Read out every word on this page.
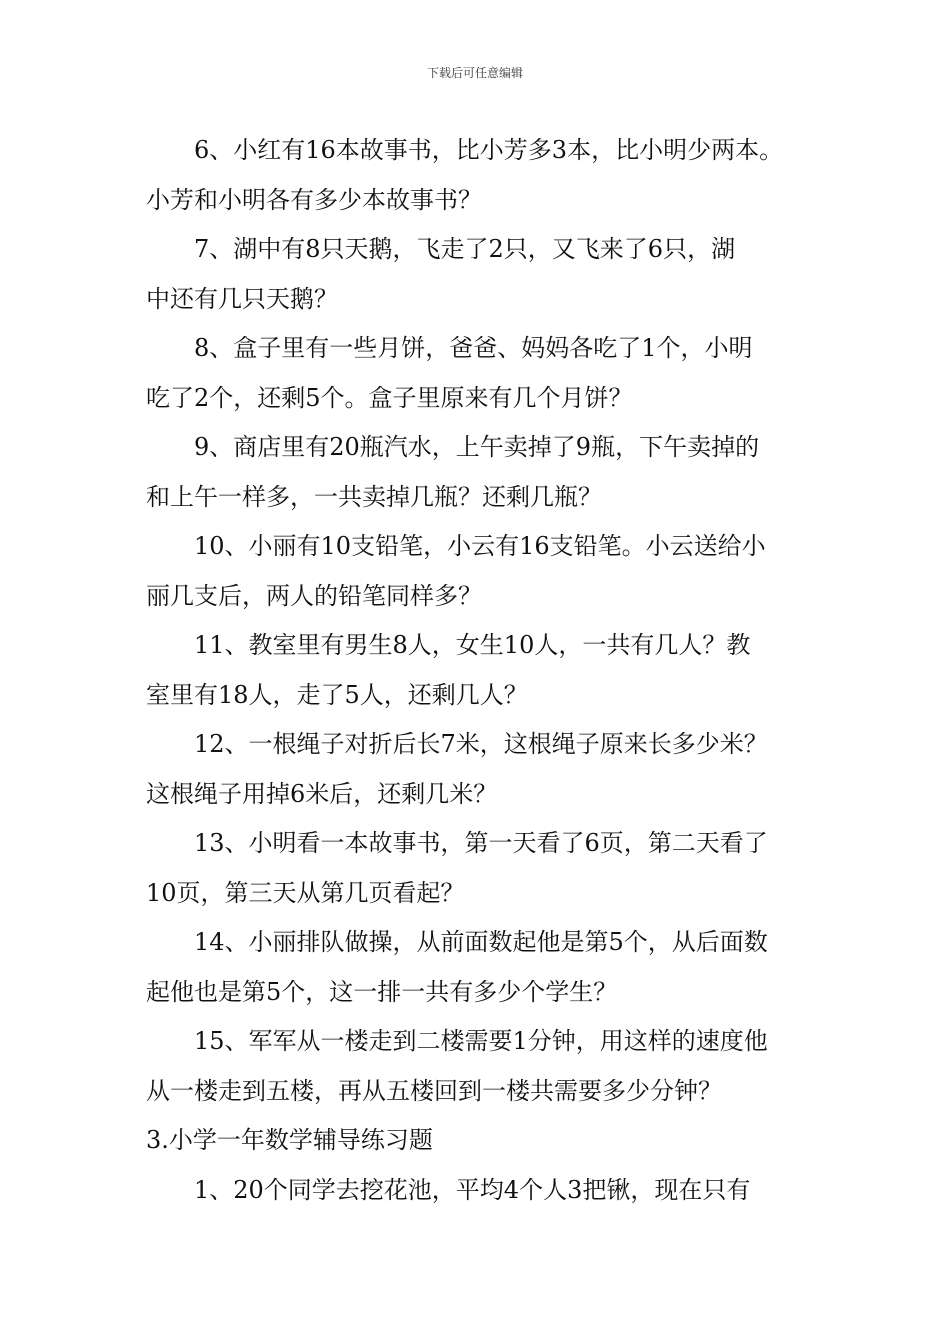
下载后可任意编辑

6、小红有16本故事书，比小芳多3本，比小明少两本。

小芳和小明各有多少本故事书？

7、湖中有8只天鹅，飞走了2只，又飞来了6只，湖

中还有几只天鹅？

8、盒子里有一些月饼，爸爸、妈妈各吃了1个，小明

吃了2个，还剩5个。盒子里原来有几个月饼？

9、商店里有20瓶汽水，上午卖掉了9瓶，下午卖掉的

和上午一样多，一共卖掉几瓶？还剩几瓶？

10、小丽有10支铅笔，小云有16支铅笔。小云送给小

丽几支后，两人的铅笔同样多？

11、教室里有男生8人，女生10人，一共有几人？教

室里有18人，走了5人，还剩几人？

12、一根绳子对折后长7米，这根绳子原来长多少米？

这根绳子用掉6米后，还剩几米？

13、小明看一本故事书，第一天看了6页，第二天看了

10页，第三天从第几页看起？

14、小丽排队做操，从前面数起他是第5个，从后面数

起他也是第5个，这一排一共有多少个学生？

15、军军从一楼走到二楼需要1分钟，用这样的速度他

从一楼走到五楼，再从五楼回到一楼共需要多少分钟？

3.小学一年数学辅导练习题

1、20个同学去挖花池，平均4个人3把锹，现在只有
